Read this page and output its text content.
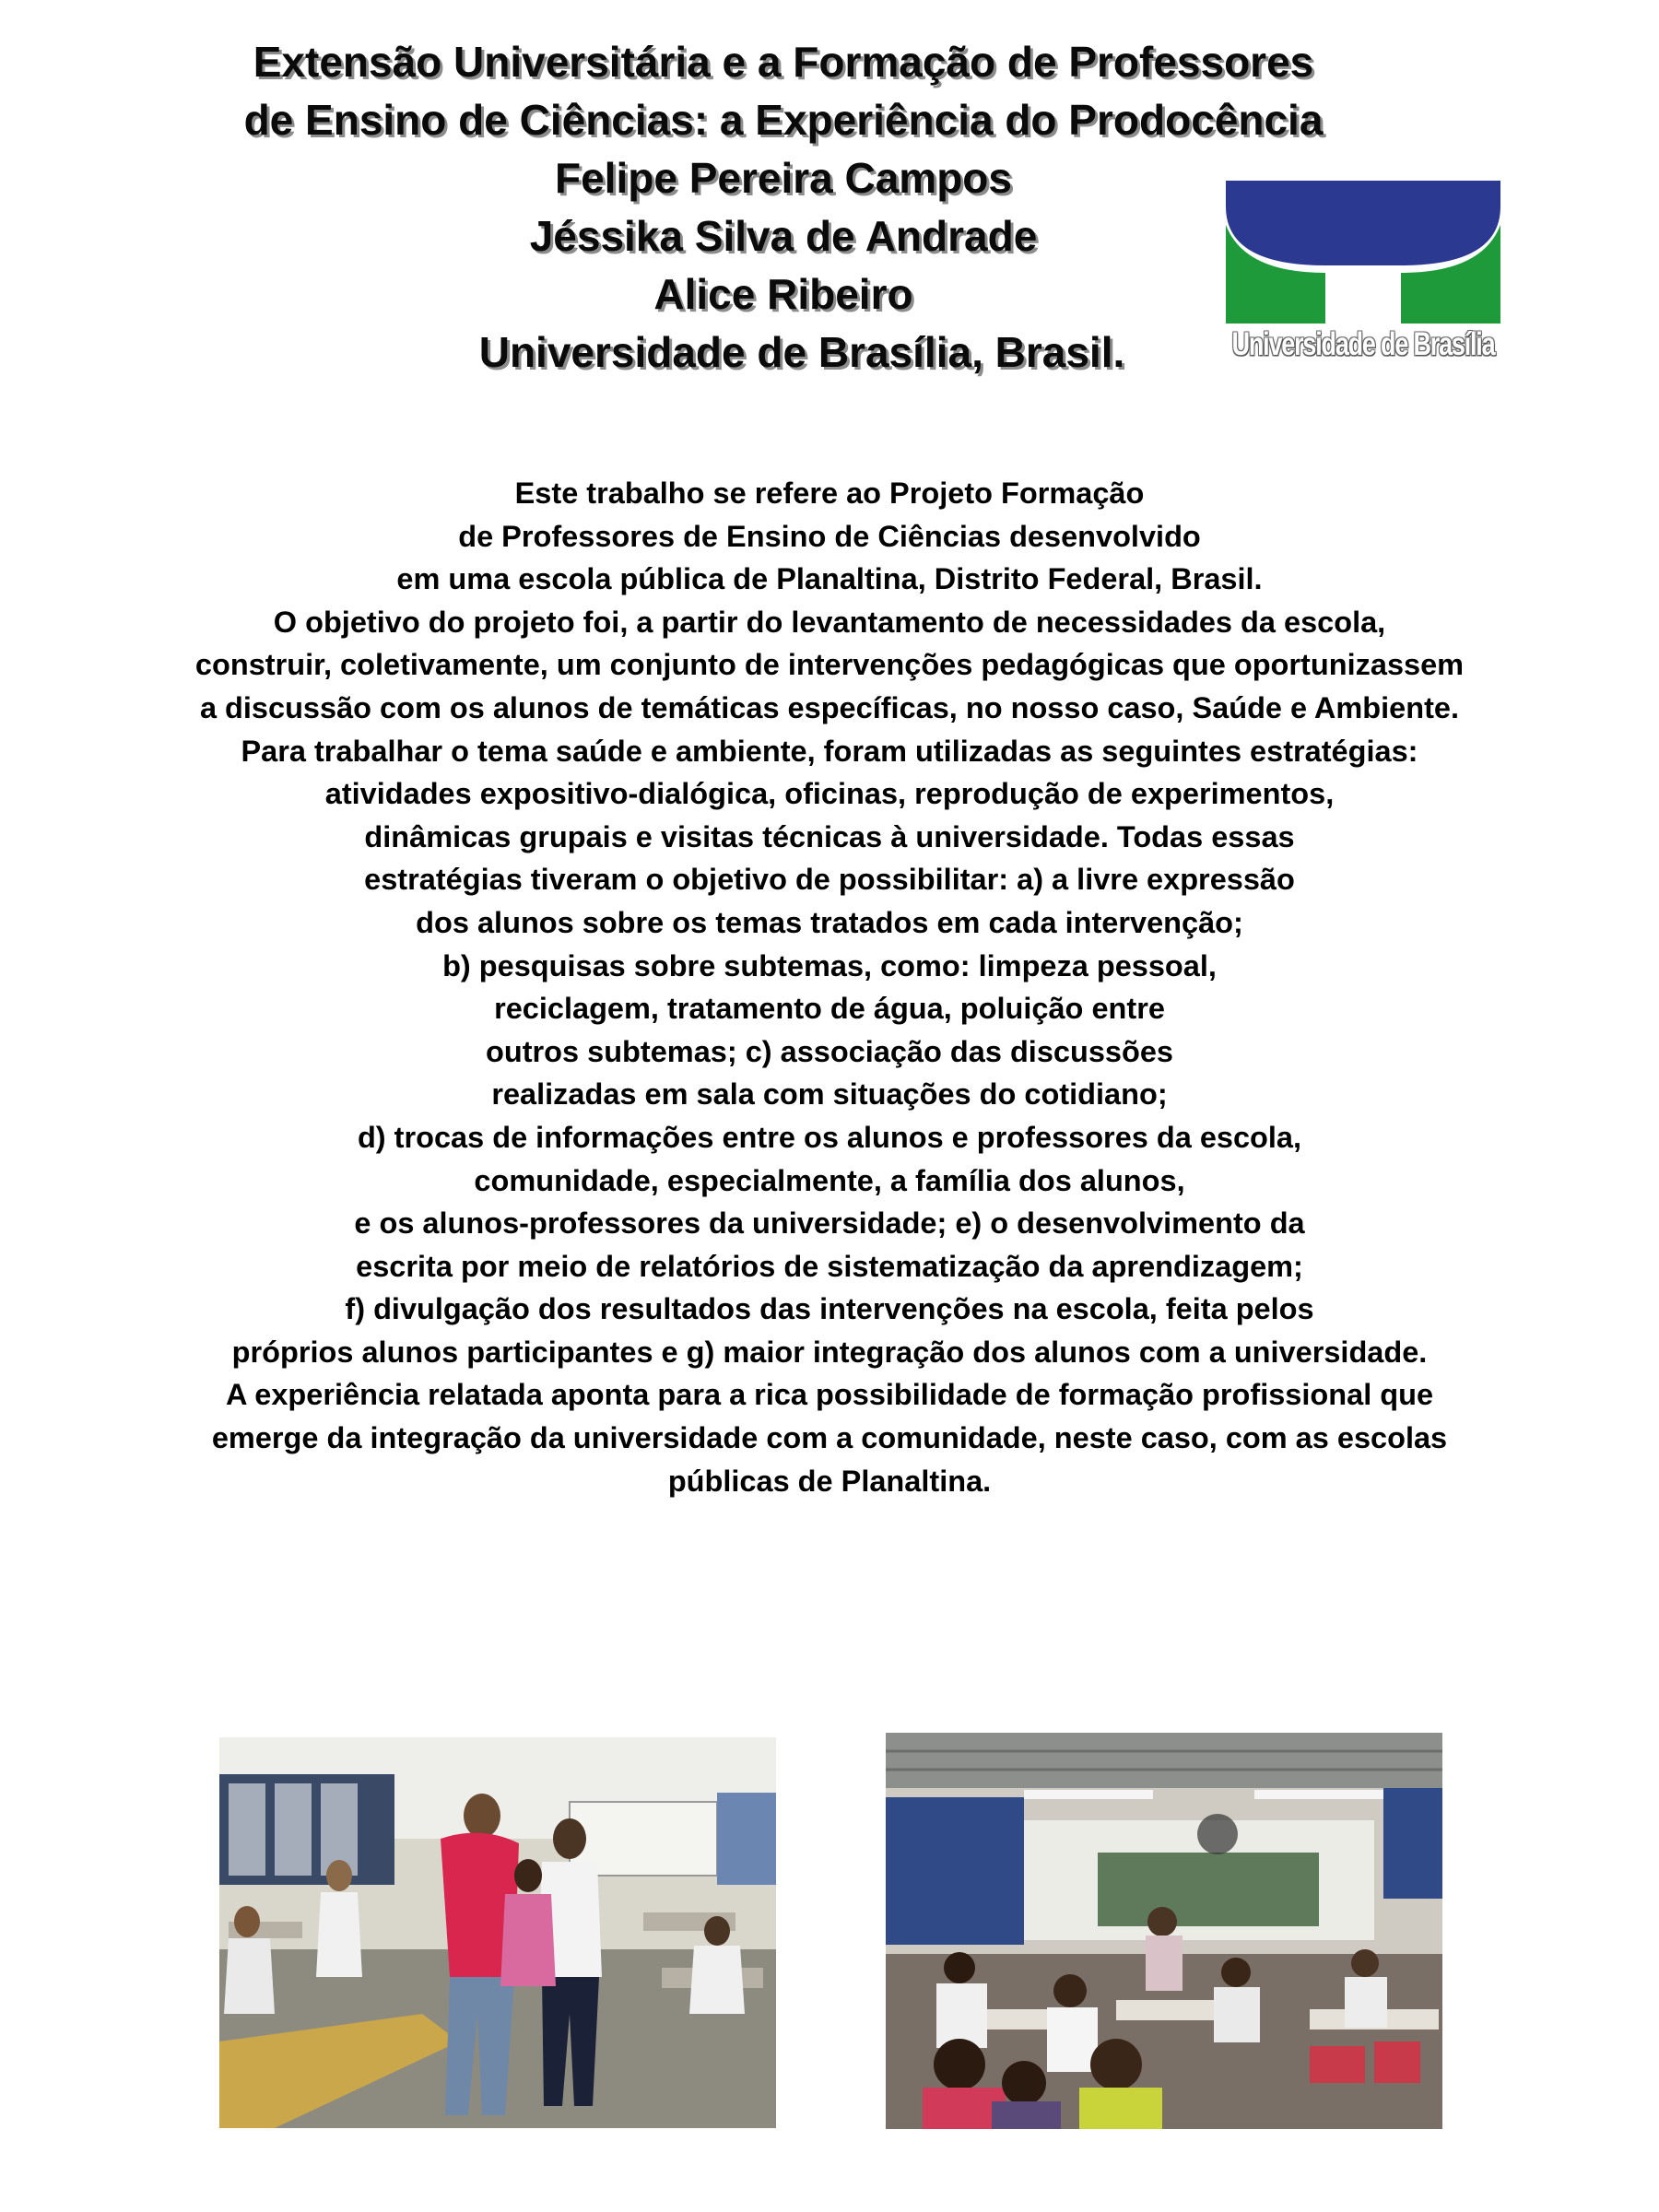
Extensão Universitária e a Formação de Professores
de Ensino de Ciências: a Experiência do Prodocência
Felipe Pereira Campos
Jéssika Silva de Andrade
Alice Ribeiro
Universidade de Brasília, Brasil.	Universidade de Brasília
Este trabalho se refere ao Projeto Formação
de Professores de Ensino de Ciências desenvolvido
em uma escola pública de Planaltina, Distrito Federal, Brasil.
O objetivo do projeto foi, a partir do levantamento de necessidades da escola,
construir, coletivamente, um conjunto de intervenções pedagógicas que oportunizassem
a discussão com os alunos de temáticas específicas, no nosso caso, Saúde e Ambiente.
Para trabalhar o tema saúde e ambiente, foram utilizadas as seguintes estratégias:
atividades expositivo-dialógica, oficinas, reprodução de experimentos,
dinâmicas grupais e visitas técnicas à universidade. Todas essas
estratégias tiveram o objetivo de possibilitar: a) a livre expressão
dos alunos sobre os temas tratados em cada intervenção;
b) pesquisas sobre subtemas, como: limpeza pessoal,
reciclagem, tratamento de água, poluição entre
outros subtemas; c) associação das discussões
realizadas em sala com situações do cotidiano;
d) trocas de informações entre os alunos e professores da escola,
comunidade, especialmente, a família dos alunos,
e os alunos-professores da universidade; e) o desenvolvimento da
escrita por meio de relatórios de sistematização da aprendizagem;
f) divulgação dos resultados das intervenções na escola, feita pelos
próprios alunos participantes e g) maior integração dos alunos com a universidade.
A experiência relatada aponta para a rica possibilidade de formação profissional que
emerge da integração da universidade com a comunidade, neste caso, com as escolas
públicas de Planaltina.
